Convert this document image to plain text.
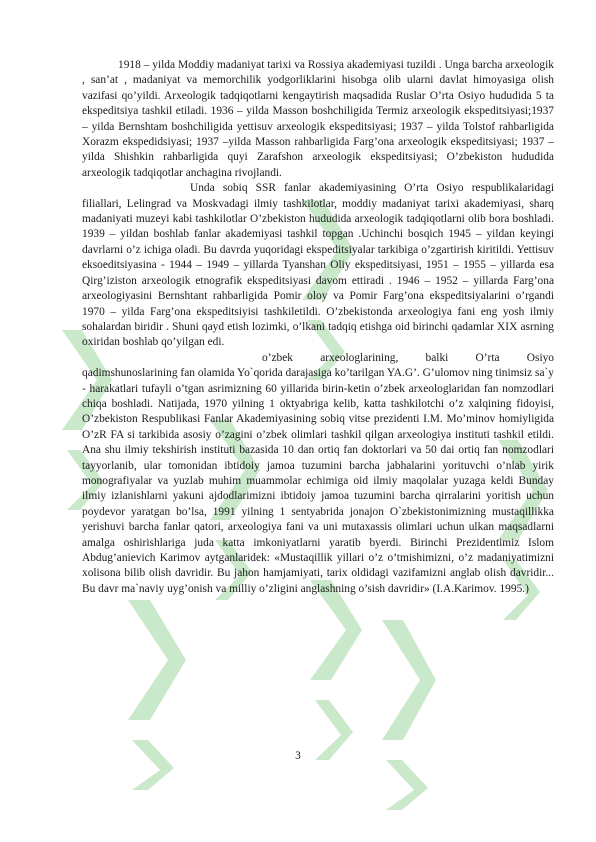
1918 – yilda Moddiy madaniyat tarixi va Rossiya akademiyasi tuzildi . Unga barcha arxeologik , san’at , madaniyat va memorchilik yodgorliklarini hisobga olib ularni davlat himoyasiga olish vazifasi qo’yildi. Arxeologik tadqiqotlarni kengaytirish maqsadida Ruslar O’rta Osiyo hududida 5 ta ekspeditsiya tashkil etiladi. 1936 – yilda Masson boshchiligida Termiz arxeologik ekspeditsiyasi;1937 – yilda Bernshtam boshchiligida yettisuv arxeologik ekspeditsiyasi; 1937 – yilda Tolstof rahbarligida Xorazm ekspedidsiyasi; 1937 –yilda Masson rahbarligida Farg’ona arxeologik ekspeditsiyasi; 1937 – yilda Shishkin rahbarligida quyi Zarafshon arxeologik ekspeditsiyasi; O’zbekiston hududida arxeologik tadqiqotlar anchagina rivojlandi.

Unda sobiq SSR fanlar akademiyasining O’rta Osiyo respublikalaridagi filiallari, Lelingrad va Moskvadagi ilmiy tashkilotlar, moddiy madaniyat tarixi akademiyasi, sharq madaniyati muzeyi kabi tashkilotlar O’zbekiston hududida arxeologik tadqiqotlarni olib bora boshladi. 1939 – yildan boshlab fanlar akademiyasi tashkil topgan .Uchinchi bosqich 1945 – yildan keyingi davrlarni o’z ichiga oladi. Bu davrda yuqoridagi ekspeditsiyalar tarkibiga o’zgartirish kiritildi. Yettisuv eksoeditsiyasina - 1944 – 1949 – yillarda Tyanshan Oliy ekspeditsiyasi, 1951 – 1955 – yillarda esa Qirg’iziston arxeologik etnografik ekspeditsiyasi davom ettiradi . 1946 – 1952 – yillarda Farg’ona arxeologiyasini Bernshtant rahbarligida Pomir oloy va Pomir Farg’ona ekspeditsiyalarini o’rgandi 1970 – yilda Farg’ona ekspeditsiyisi tashkiletildi. O’zbekistonda arxeologiya fani eng yosh ilmiy sohalardan biridir . Shuni qayd etish lozimki, o’lkani tadqiq etishga oid birinchi qadamlar XIX asrning oxiridan boshlab qo’yilgan edi.

o’zbek arxeologlarining, balki O’rta Osiyo qadimshunoslarining fan olamida Yo`qorida darajasiga ko’tarilgan YA.G’. G’ulomov ning tinimsiz sa`y - harakatlari tufayli o’tgan asrimizning 60 yillarida birin-ketin o’zbek arxeologlaridan fan nomzodlari chiqa boshladi. Natijada, 1970 yilning 1 oktyabriga kelib, katta tashkilotchi o’z xalqining fidoyisi, O’zbekiston Respublikasi Fanlar Akademiyasining sobiq vitse prezidenti I.M. Mo’minov homiyligida O’zR FA si tarkibida asosiy o’zagini o’zbek olimlari tashkil qilgan arxeologiya instituti tashkil etildi. Ana shu ilmiy tekshirish instituti bazasida 10 dan ortiq fan doktorlari va 50 dai ortiq fan nomzodlari tayyorlanib, ular tomonidan ibtidoiy jamoa tuzumini barcha jabhalarini yorituvchi o’nlab yirik monografiyalar va yuzlab muhim muammolar echimiga oid ilmiy maqolalar yuzaga keldi Bunday ilmiy izlanishlarni yakuni ajdodlarimizni ibtidoiy jamoa tuzumini barcha qirralarini yoritish uchun poydevor yaratgan bo’lsa, 1991 yilning 1 sentyabrida jonajon O`zbekistonimizning mustaqillikka yerishuvi barcha fanlar qatori, arxeologiya fani va uni mutaxassis olimlari uchun ulkan maqsadlarni amalga oshirishlariga juda katta imkoniyatlarni yaratib byerdi. Birinchi Prezidentimiz Islom Abdug’anievich Karimov aytganlaridek: «Mustaqillik yillari o’z o’tmishimizni, o’z madaniyatimizni xolisona bilib olish davridir. Bu jahon hamjamiyati, tarix oldidagi vazifamizni anglab olish davridir... Bu davr ma`naviy uyg’onish va milliy o’zligini anglashning o’sish davridir» (I.A.Karimov. 1995.)

3
